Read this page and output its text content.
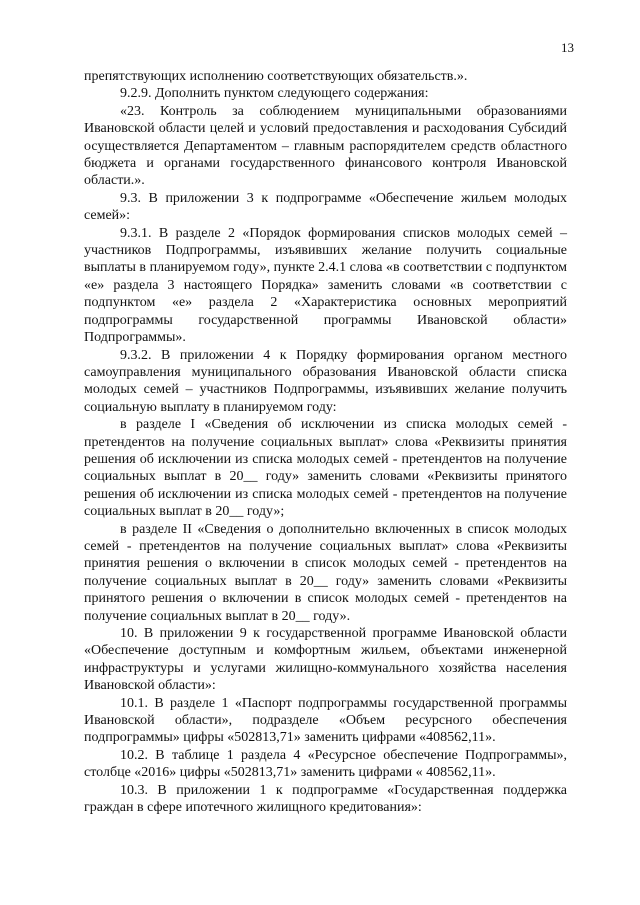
13

препятствующих исполнению соответствующих обязательств.».

9.2.9. Дополнить пунктом следующего содержания:

«23. Контроль за соблюдением муниципальными образованиями Ивановской области целей и условий предоставления и расходования Субсидий осуществляется Департаментом – главным распорядителем средств областного бюджета и органами государственного финансового контроля Ивановской области.».

9.3. В приложении 3 к подпрограмме «Обеспечение жильем молодых семей»:

9.3.1. В разделе 2 «Порядок формирования списков молодых семей – участников Подпрограммы, изъявивших желание получить социальные выплаты в планируемом году», пункте 2.4.1 слова «в соответствии с подпунктом «е» раздела 3 настоящего Порядка» заменить словами «в соответствии с подпунктом «е» раздела 2 «Характеристика основных мероприятий подпрограммы государственной программы Ивановской области» Подпрограммы».

9.3.2. В приложении 4 к Порядку формирования органом местного самоуправления муниципального образования Ивановской области списка молодых семей – участников Подпрограммы, изъявивших желание получить социальную выплату в планируемом году:

в разделе I «Сведения об исключении из списка молодых семей - претендентов на получение социальных выплат» слова «Реквизиты принятия решения об исключении из списка молодых семей - претендентов на получение социальных выплат в 20__ году» заменить словами «Реквизиты принятого решения об исключении из списка молодых семей - претендентов на получение социальных выплат в 20__ году»;

в разделе II «Сведения о дополнительно включенных в список молодых семей - претендентов на получение социальных выплат» слова «Реквизиты принятия решения о включении в список молодых семей - претендентов на получение социальных выплат в 20__ году» заменить словами «Реквизиты принятого решения о включении в список молодых семей - претендентов на получение социальных выплат в 20__ году».

10. В приложении 9 к государственной программе Ивановской области «Обеспечение доступным и комфортным жильем, объектами инженерной инфраструктуры и услугами жилищно-коммунального хозяйства населения Ивановской области»:

10.1. В разделе 1 «Паспорт подпрограммы государственной программы Ивановской области», подразделе «Объем ресурсного обеспечения подпрограммы» цифры «502813,71» заменить цифрами «408562,11».

10.2. В таблице 1 раздела 4 «Ресурсное обеспечение Подпрограммы», столбце «2016» цифры «502813,71» заменить цифрами « 408562,11».

10.3. В приложении 1 к подпрограмме «Государственная поддержка граждан в сфере ипотечного жилищного кредитования»:
